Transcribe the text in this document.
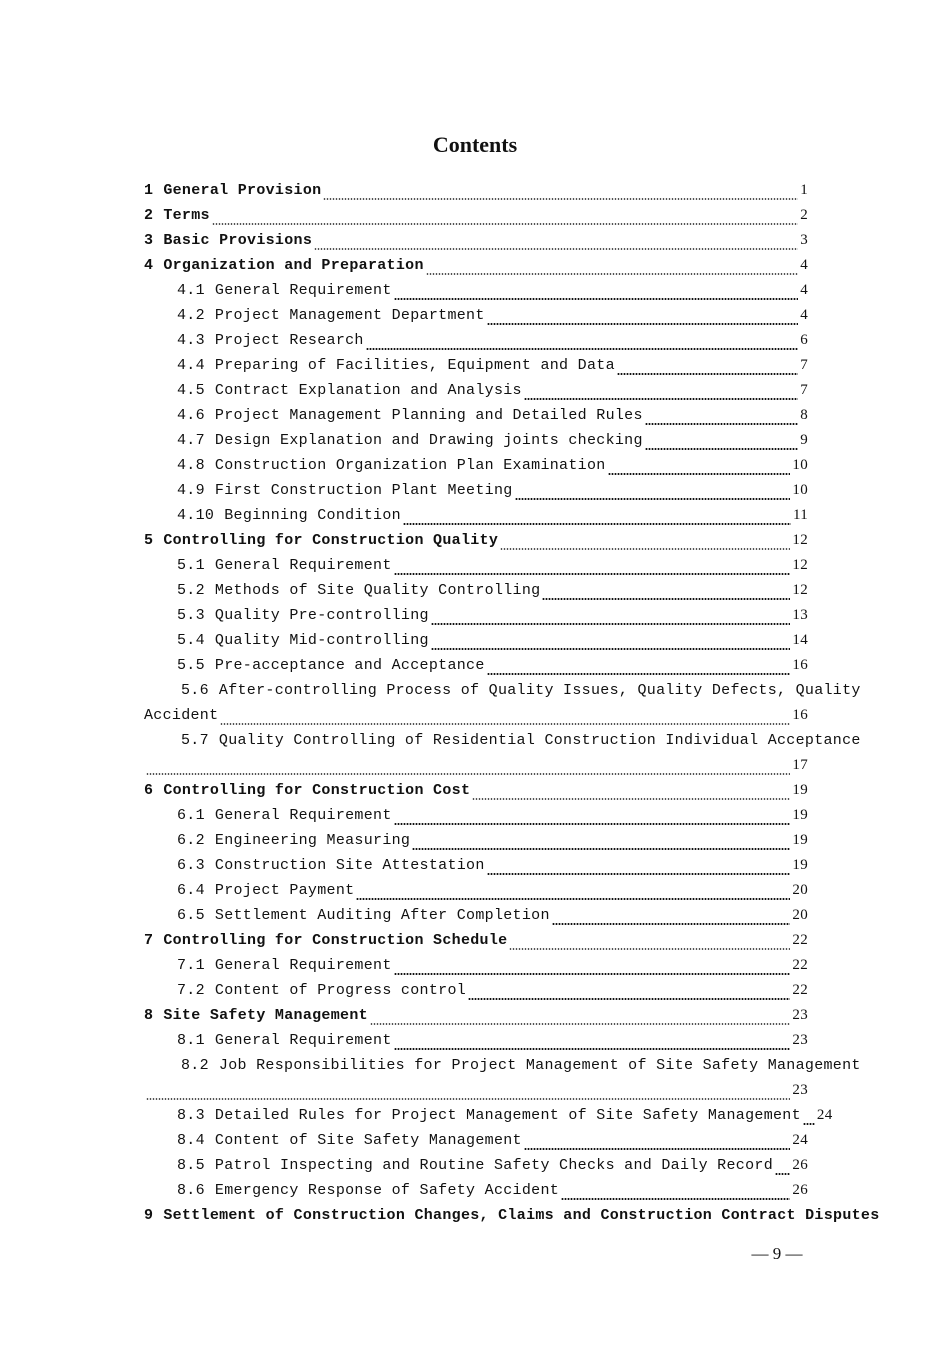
Contents
1 General Provision	1
2 Terms	2
3 Basic Provisions	3
4 Organization and Preparation	4
4.1 General Requirement	4
4.2 Project Management Department	4
4.3 Project Research	6
4.4 Preparing of Facilities, Equipment and Data	7
4.5 Contract Explanation and Analysis	7
4.6 Project Management Planning and Detailed Rules	8
4.7 Design Explanation and Drawing joints checking	9
4.8 Construction Organization Plan Examination	10
4.9 First Construction Plant Meeting	10
4.10 Beginning Condition	11
5 Controlling for Construction Quality	12
5.1 General Requirement	12
5.2 Methods of Site Quality Controlling	12
5.3 Quality Pre-controlling	13
5.4 Quality Mid-controlling	14
5.5 Pre-acceptance and Acceptance	16
5.6 After-controlling Process of Quality Issues, Quality Defects, Quality
Accident	16
5.7 Quality Controlling of Residential Construction Individual Acceptance
17
6 Controlling for Construction Cost	19
6.1 General Requirement	19
6.2 Engineering Measuring	19
6.3 Construction Site Attestation	19
6.4 Project Payment	20
6.5 Settlement Auditing After Completion	20
7 Controlling for Construction Schedule	22
7.1 General Requirement	22
7.2 Content of Progress control	22
8 Site Safety Management	23
8.1 General Requirement	23
8.2 Job Responsibilities for Project Management of Site Safety Management
23
8.3 Detailed Rules for Project Management of Site Safety Management 24
8.4 Content of Site Safety Management	24
8.5 Patrol Inspecting and Routine Safety Checks and Daily Record 26
8.6 Emergency Response of Safety Accident	26
9 Settlement of Construction Changes, Claims and Construction Contract Disputes
— 9 —
